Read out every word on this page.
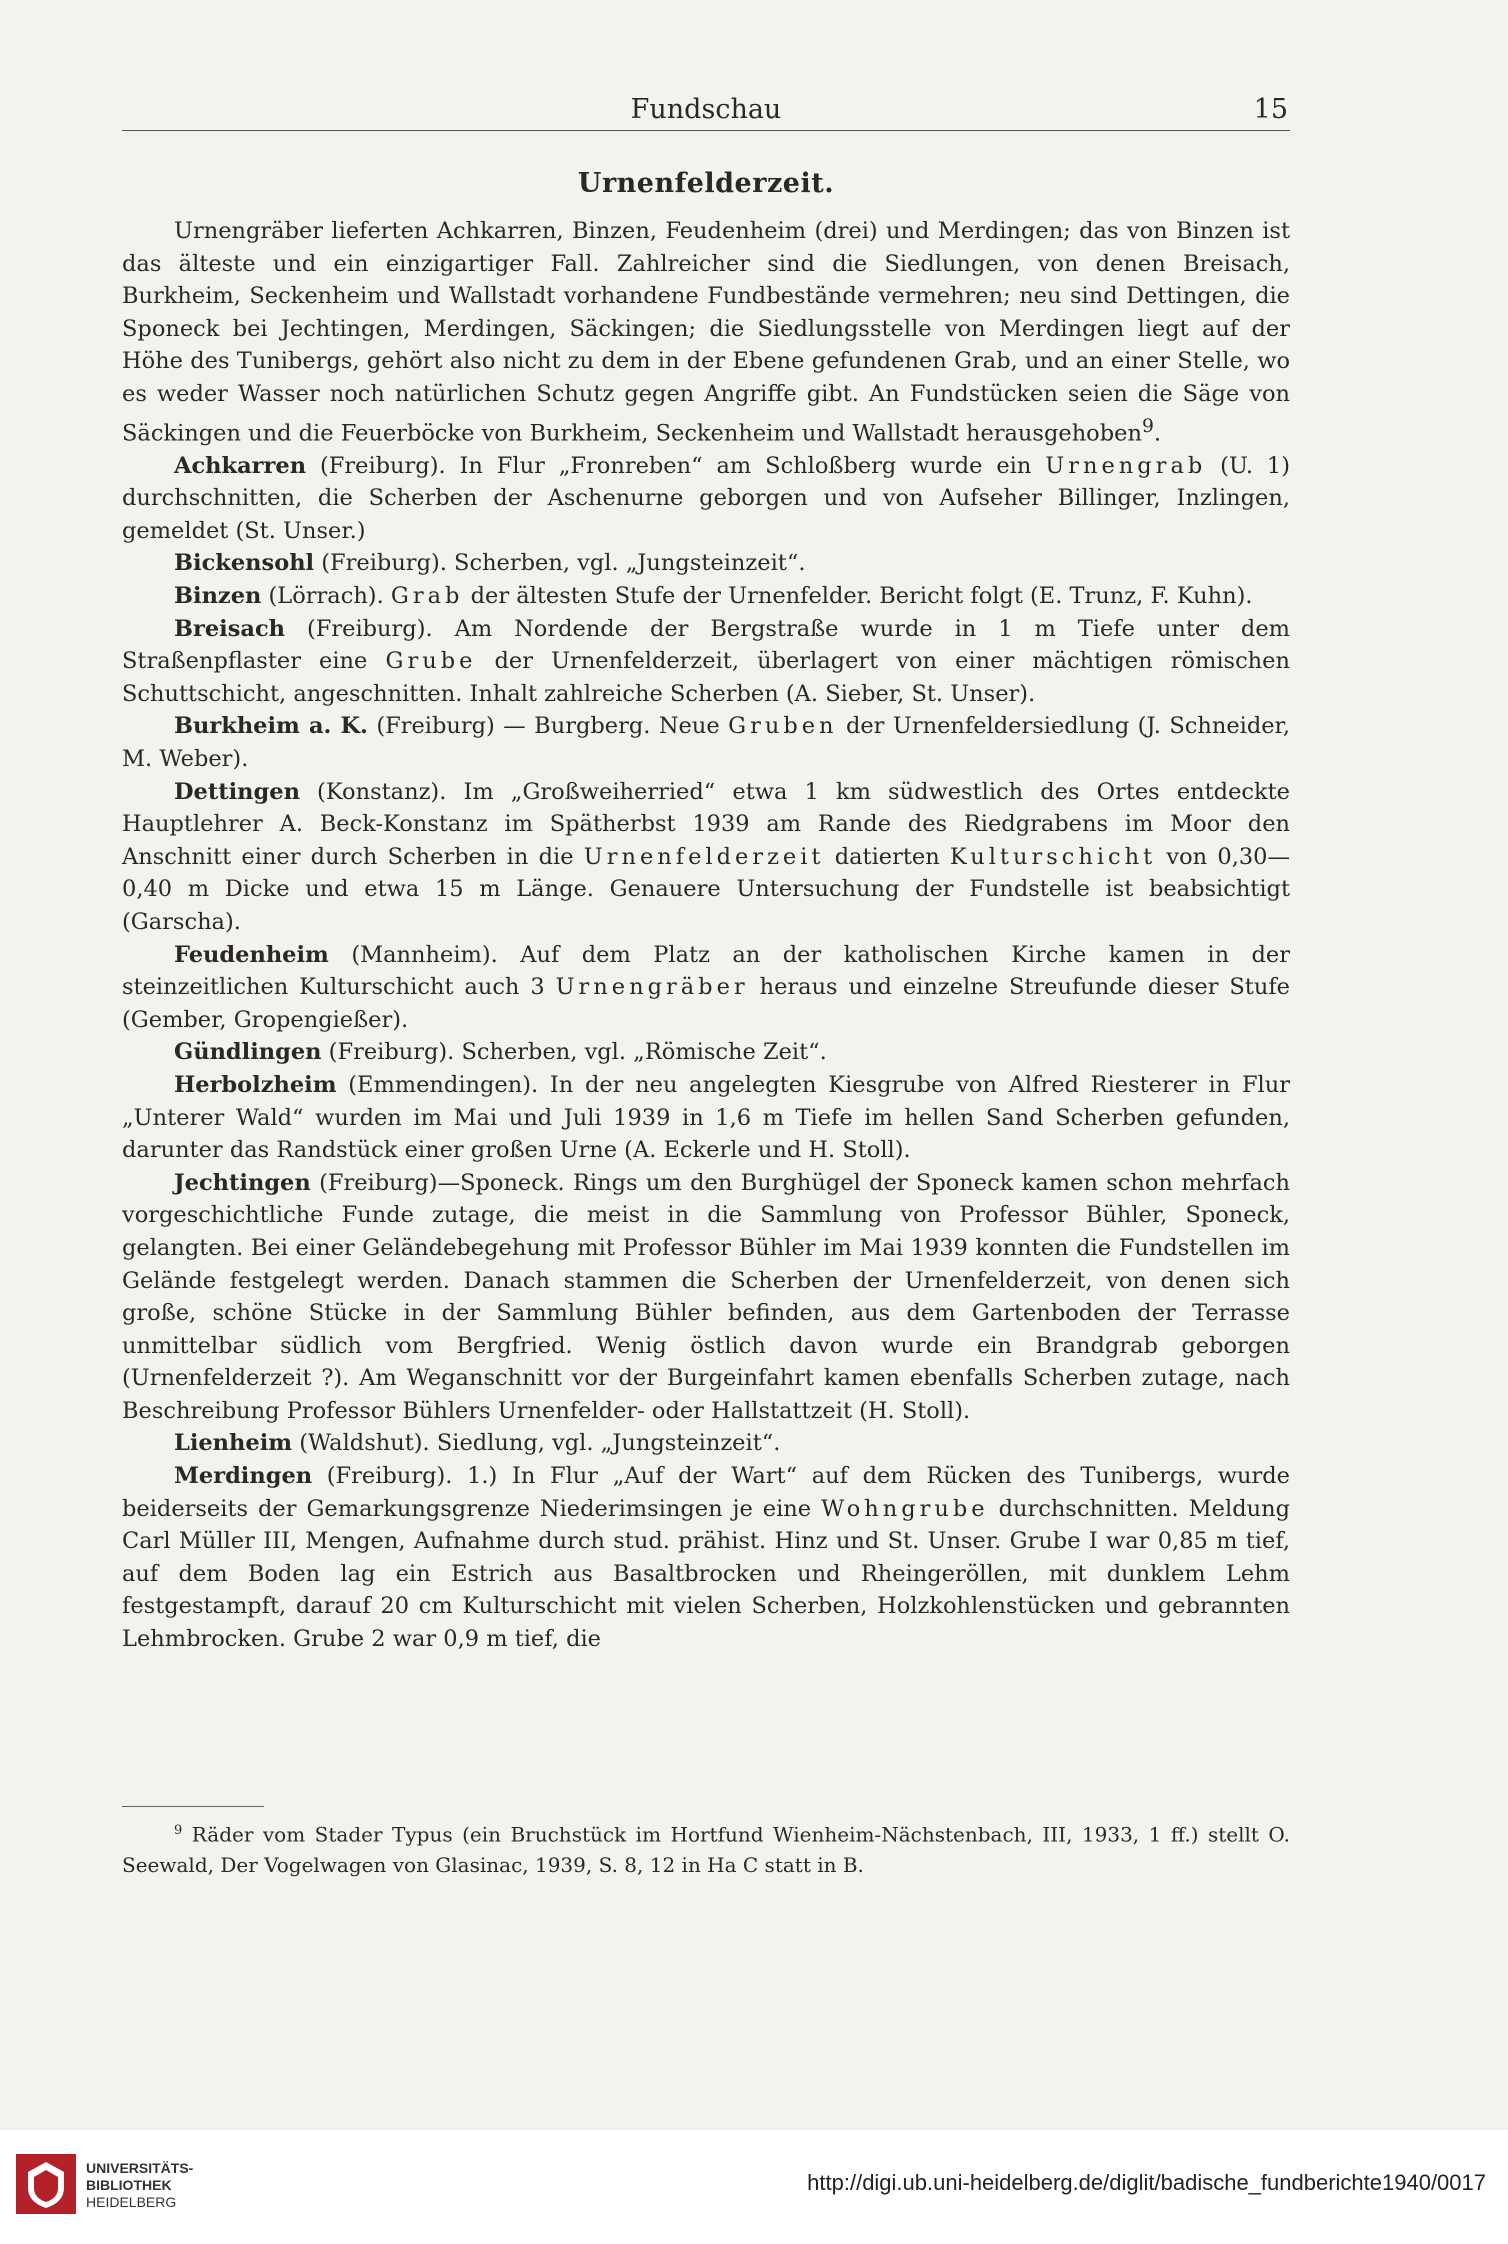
Fundschau	15
Urnenfelderzeit.

Urnengräber lieferten Achkarren, Binzen, Feudenheim (drei) und Merdingen; das von Binzen ist das älteste und ein einzigartiger Fall. Zahlreicher sind die Siedlungen, von denen Breisach, Burkheim, Seckenheim und Wallstadt vorhandene Fundbestände vermehren; neu sind Dettingen, die Sponeck bei Jechtingen, Merdingen, Säckingen; die Siedlungsstelle von Merdingen liegt auf der Höhe des Tunibergs, gehört also nicht zu dem in der Ebene gefundenen Grab, und an einer Stelle, wo es weder Wasser noch natürlichen Schutz gegen Angriffe gibt. An Fundstücken seien die Säge von Säckingen und die Feuerböcke von Burkheim, Seckenheim und Wallstadt herausgehoben$^9$.

Achkarren (Freiburg). In Flur „Fronreben“ am Schloßberg wurde ein Urnengrab (U. 1) durchschnitten, die Scherben der Aschenurne geborgen und von Aufseher Billinger, Inzlingen, gemeldet (St. Unser.)

Bickensohl (Freiburg). Scherben, vgl. „Jungsteinzeit“.

Binzen (Lörrach). Grab der ältesten Stufe der Urnenfelder. Bericht folgt (E. Trunz, F. Kuhn).

Breisach (Freiburg). Am Nordende der Bergstraße wurde in 1 m Tiefe unter dem Straßenpflaster eine Grube der Urnenfelderzeit, überlagert von einer mächtigen römischen Schuttschicht, angeschnitten. Inhalt zahlreiche Scherben (A. Sieber, St. Unser).

Burkheim a. K. (Freiburg) — Burgberg. Neue Gruben der Urnenfeldersiedlung (J. Schneider, M. Weber).

Dettingen (Konstanz). Im „Großweiherried“ etwa 1 km südwestlich des Ortes entdeckte Hauptlehrer A. Beck-Konstanz im Spätherbst 1939 am Rande des Riedgrabens im Moor den Anschnitt einer durch Scherben in die Urnenfelderzeit datierten Kulturschicht von 0,30—0,40 m Dicke und etwa 15 m Länge. Genauere Untersuchung der Fundstelle ist beabsichtigt (Garscha).

Feudenheim (Mannheim). Auf dem Platz an der katholischen Kirche kamen in der steinzeitlichen Kulturschicht auch 3 Urnengräber heraus und einzelne Streufunde dieser Stufe (Gember, Gropengießer).

Gündlingen (Freiburg). Scherben, vgl. „Römische Zeit“.

Herbolzheim (Emmendingen). In der neu angelegten Kiesgrube von Alfred Riesterer in Flur „Unterer Wald“ wurden im Mai und Juli 1939 in 1,6 m Tiefe im hellen Sand Scherben gefunden, darunter das Randstück einer großen Urne (A. Eckerle und H. Stoll).

Jechtingen (Freiburg)—Sponeck. Rings um den Burghügel der Sponeck kamen schon mehrfach vorgeschichtliche Funde zutage, die meist in die Sammlung von Professor Bühler, Sponeck, gelangten. Bei einer Geländebegehung mit Professor Bühler im Mai 1939 konnten die Fundstellen im Gelände festgelegt werden. Danach stammen die Scherben der Urnenfelderzeit, von denen sich große, schöne Stücke in der Sammlung Bühler befinden, aus dem Gartenboden der Terrasse unmittelbar südlich vom Bergfried. Wenig östlich davon wurde ein Brandgrab geborgen (Urnenfelderzeit ?). Am Weganschnitt vor der Burgeinfahrt kamen ebenfalls Scherben zutage, nach Beschreibung Professor Bühlers Urnenfelder- oder Hallstattzeit (H. Stoll).

Lienheim (Waldshut). Siedlung, vgl. „Jungsteinzeit“.

Merdingen (Freiburg). 1.) In Flur „Auf der Wart“ auf dem Rücken des Tunibergs, wurde beiderseits der Gemarkungsgrenze Niederimsingen je eine Wohngrube durchschnitten. Meldung Carl Müller III, Mengen, Aufnahme durch stud. prähist. Hinz und St. Unser. Grube I war 0,85 m tief, auf dem Boden lag ein Estrich aus Basaltbrocken und Rheingeröllen, mit dunklem Lehm festgestampft, darauf 20 cm Kulturschicht mit vielen Scherben, Holzkohlenstücken und gebrannten Lehmbrocken. Grube 2 war 0,9 m tief, die

$^9$ Räder vom Stader Typus (ein Bruchstück im Hortfund Wienheim-Nächstenbach, III, 1933, 1 ff.) stellt O. Seewald, Der Vogelwagen von Glasinac, 1939, S. 8, 12 in Ha C statt in B.

UNIVERSITÄTS-
BIBLIOTHEK
HEIDELBERG
http://digi.ub.uni-heidelberg.de/diglit/badische_fundberichte1940/0017
